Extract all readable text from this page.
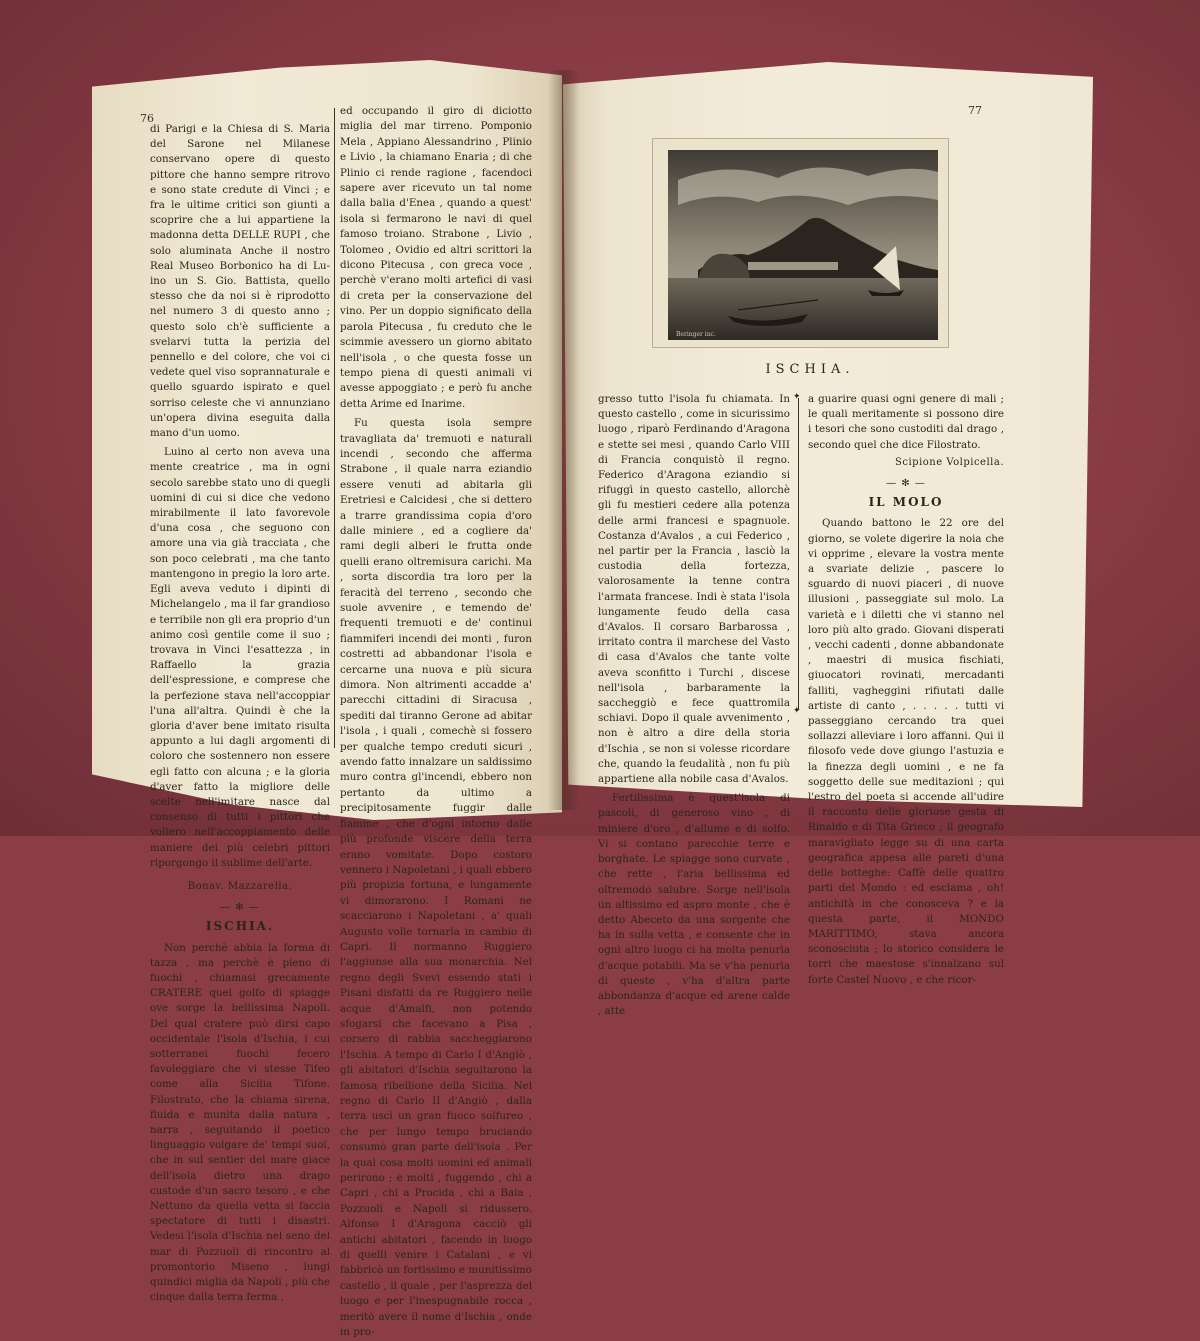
76

di Parigi e la Chiesa di S. Maria del Sarone nel Milanese conservano opere di questo pittore che hanno sempre ritrovo e sono state credute di Vinci ; e fra le ultime critici son giunti a scoprire che a lui appartiene la madonna detta DELLE RUPI , che solo aluminata Anche il nostro Real Museo Borbonico ha di Lu-ino un S. Gio. Battista, quello stesso che da noi si è riprodotto nel numero 3 di questo anno ; questo solo ch'è sufficiente a svelarvi tutta la perizia del pennello e del colore, che voi ci vedete quel viso soprannaturale e quello sguardo ispirato e quel sorriso celeste che vi annunziano un'opera divina eseguita dalla mano d'un uomo.

Luino al certo non aveva una mente creatrice , ma in ogni secolo sarebbe stato uno di quegli uomini di cui si dice che vedono mirabilmente il lato favorevole d'una cosa , che seguono con amore una via già tracciata , che son poco celebrati , ma che tanto mantengono in pregio la loro arte. Egli aveva veduto i dipinti di Michelangelo , ma il far grandioso e terribile non gli era proprio d'un animo così gentile come il suo ; trovava in Vinci l'esattezza , in Raffaello la grazia dell'espressione, e comprese che la perfezione stava nell'accoppiar l'una all'altra. Quindi è che la gloria d'aver bene imitato risulta appunto a lui dagli argomenti di coloro che sostennero non essere egli fatto con alcuna ; e la gloria d'aver fatto la migliore delle scelte nell'imitare nasce dal consenso di tutti i pittori che vollero nell'accoppiamento delle maniere dei più celebri pittori riporgongo il sublime dell'arte.

Bonav. Mazzarella.
— ✻ —
ISCHIA.

Non perchè abbia la forma di tazza , ma perchè è pieno di fuochi , chiamasi grecamente CRATERE quel golfo di spiagge ove sorge la bellissima Napoli. Del qual cratere può dirsi capo occidentale l'isola d'Ischia, i cui sotterranei fuochi fecero favoleggiare che vi stesse Tifeo come alla Sicilia Tifone. Filostrato, che la chiama sirena, fluida e munita dalla natura , narra , seguitando il poetico linguaggio volgare de' tempi suoi, che in sul sentier del mare giace dell'isola dietro una drago custode d'un sacro tesoro , e che Nettuno da quella vetta si faccia spectatore di tutti i disastri. Vedesi l'isola d'Ischia nel seno del mar di Pozzuoli di rincontro al promontorio Miseno , lungi quindici miglia da Napoli , più che cinque dalla terra ferma ,

ed occupando il giro di diciotto miglia del mar tirreno. Pomponio Mela , Appiano Alessandrino , Plinio e Livio , la chiamano Enaria ; di che Plinio ci rende ragione , facendoci sapere aver ricevuto un tal nome dalla balia d'Enea , quando a quest' isola si fermarono le navi di quel famoso troiano. Strabone , Livio , Tolomeo , Ovidio ed altri scrittori la dicono Pitecusa , con greca voce , perchè v'erano molti artefici di vasi di creta per la conservazione del vino. Per un doppio significato della parola Pitecusa , fu creduto che le scimmie avessero un giorno abitato nell'isola , o che questa fosse un tempo piena di questi animali vi avesse appoggiato ; e però fu anche detta Arime ed Inarime.

Fu questa isola sempre travagliata da' tremuoti e naturali incendi , secondo che afferma Strabone , il quale narra eziandio essere venuti ad abitarla gli Eretriesi e Calcidesi , che si dettero a trarre grandissima copia d'oro dalle miniere , ed a cogliere da' rami degli alberi le frutta onde quelli erano oltremisura carichi. Ma , sorta discordia tra loro per la feracità del terreno , secondo che suole avvenire , e temendo de' frequenti tremuoti e de' continui fiammiferi incendi dei monti , furon costretti ad abbandonar l'isola e cercarne una nuova e più sicura dimora. Non altrimenti accadde a' parecchi cittadini di Siracusa , spediti dal tiranno Gerone ad abitar l'isola , i quali , comechè si fossero per qualche tempo creduti sicuri , avendo fatto innalzare un saldissimo muro contra gl'incendi, ebbero non pertanto da ultimo a precipitosamente fuggir dalle fiamme , che d'ogni intorno dalle più profonde viscere della terra erano vomitate. Dopo costoro vennero i Napoletani , i quali ebbero più propizia fortuna, e lungamente vi dimorarono. I Romani ne scacciarono i Napoletani , a' quali Augusto volle tornarla in cambio di Capri. Il normanno Ruggiero l'aggiunse alla sua monarchia. Nel regno degli Svevi essendo stati i Pisani disfatti da re Ruggiero nelle acque d'Amalfi, non potendo sfogarsi che facevano a Pisa , corsero di rabbia saccheggiarono l'Ischia. A tempo di Carlo I d'Angiò , gli abitatori d'Ischia seguitarono la famosa ribellione della Sicilia. Nel regno di Carlo II d'Angiò , dalla terra uscì un gran fuoco solfureo , che per lungo tempo bruciando consumò gran parte dell'isola . Per la qual cosa molti uomini ed animali perirono ; e molti , fuggendo , chi a Capri , chi a Procida , chi a Baia , Pozzuoli e Napoli si ridussero. Alfonso I d'Aragona cacciò gli antichi abitatori , facendo in luogo di quelli venire i Catalani , e vi fabbricò un fortissimo e munitissimo castello , il quale , per l'asprezza del luogo e per l'inespugnabile rocca , meritò avere il nome d'Ischia , onde in pro-

77
Beringer inc.
ISCHIA.

gresso tutto l'isola fu chiamata. In questo castello , come in sicurissimo luogo , riparò Ferdinando d'Aragona e stette sei mesi , quando Carlo VIII di Francia conquistò il regno. Federico d'Aragona eziandio si rifuggì in questo castello, allorchè gli fu mestieri cedere alla potenza delle armi francesi e spagnuole. Costanza d'Avalos , a cui Federico , nel partir per la Francia , lasciò la custodia della fortezza, valorosamente la tenne contra l'armata francese. Indi è stata l'isola lungamente feudo della casa d'Avalos. Il corsaro Barbarossa , irritato contra il marchese del Vasto di casa d'Avalos che tante volte aveva sconfitto i Turchi , discese nell'isola , barbaramente la saccheggiò e fece quattromila schiavi. Dopo il quale avvenimento , non è altro a dire della storia d'Ischia , se non si volesse ricordare che, quando la feudalità , non fu più appartiene alla nobile casa d'Avalos.

Fertilissima è quest'isola di pascoli, di generoso vino , di miniere d'oro , d'allume e di solfo. Vi si contano parecchie terre e borghate. Le spiagge sono curvate , che rette , l'aria bellissima ed oltremodo salubre. Sorge nell'isola un altissimo ed aspro monte , che è detto Abeceto da una sorgente che ha in sulla vetta , e consente che in ogni altro luogo ci ha molta penuria d'acque potabili. Ma se v'ha penuria di queste , v'ha d'altra parte abbondanza d'acque ed arene calde , atte

✦
✦

a guarire quasi ogni genere di mali ; le quali meritamente si possono dire i tesori che sono custoditi dal drago , secondo quel che dice Filostrato.

Scipione Volpicella.
— ✻ —
IL MOLO

Quando battono le 22 ore del giorno, se volete digerire la noia che vi opprime , elevare la vostra mente a svariate delizie , pascere lo sguardo di nuovi piaceri , di nuove illusioni , passeggiate sul molo. La varietà e i diletti che vi stanno nel loro più alto grado. Giovani disperati , vecchi cadenti , donne abbandonate , maestri di musica fischiati, giuocatori rovinati, mercadanti falliti, vagheggini rifiutati dalle artiste di canto , . . . . . tutti vi passeggiano cercando tra quei sollazzi alleviare i loro affanni. Qui il filosofo vede dove giungo l'astuzia e la finezza degli uomini , e ne fa soggetto delle sue meditazioni ; qui l'estro del poeta si accende all'udire il racconto delle gloriose gesta di Rinaldo e di Tita Grieco ; il geografo maravigliato legge su di una carta geografica appesa alle pareti d'una delle botteghe: Caffè delle quattro parti del Mondo : ed esclama , oh! antichità in che conosceva ? e la questa parte, il MONDO MARITTIMO, stava ancora sconosciuta ; lo storico considera le torri che maestose s'innalzano sul forte Castel Nuovo , e che ricor-
